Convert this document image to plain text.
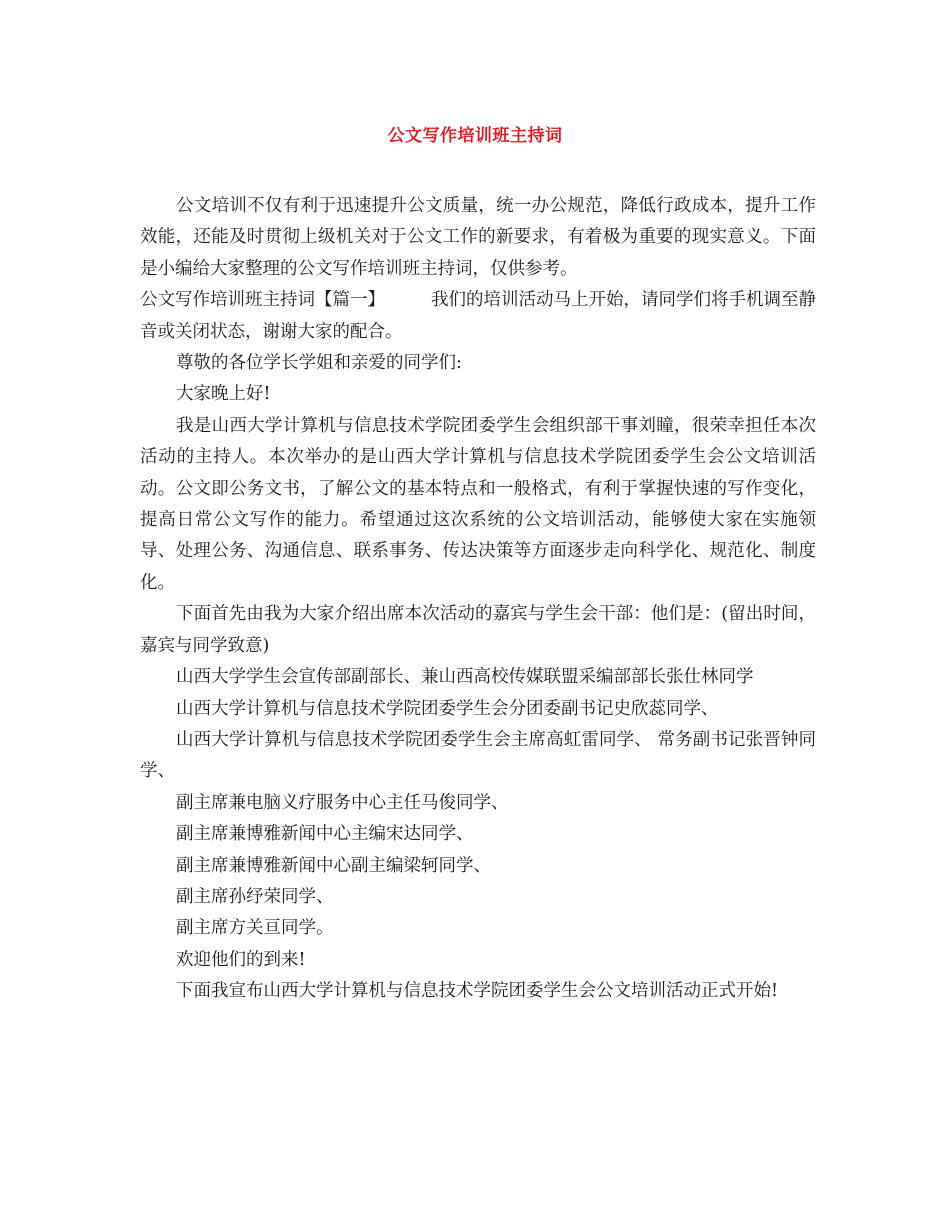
公文写作培训班主持词

公文培训不仅有利于迅速提升公文质量，统一办公规范，降低行政成本，提升工作效能，还能及时贯彻上级机关对于公文工作的新要求，有着极为重要的现实意义。下面是小编给大家整理的公文写作培训班主持词，仅供参考。

公文写作培训班主持词【篇一】	我们的培训活动马上开始，请同学们将手机调至静音或关闭状态，谢谢大家的配合。

尊敬的各位学长学姐和亲爱的同学们:

大家晚上好!

我是山西大学计算机与信息技术学院团委学生会组织部干事刘瞳，很荣幸担任本次活动的主持人。本次举办的是山西大学计算机与信息技术学院团委学生会公文培训活动。公文即公务文书，了解公文的基本特点和一般格式，有利于掌握快速的写作变化，提高日常公文写作的能力。希望通过这次系统的公文培训活动，能够使大家在实施领导、处理公务、沟通信息、联系事务、传达决策等方面逐步走向科学化、规范化、制度化。

下面首先由我为大家介绍出席本次活动的嘉宾与学生会干部：他们是：(留出时间，嘉宾与同学致意)

山西大学学生会宣传部副部长、兼山西高校传媒联盟采编部部长张仕林同学

山西大学计算机与信息技术学院团委学生会分团委副书记史欣蕊同学、

山西大学计算机与信息技术学院团委学生会主席高虹雷同学、 常务副书记张晋钟同学、

副主席兼电脑义疗服务中心主任马俊同学、

副主席兼博雅新闻中心主编宋达同学、

副主席兼博雅新闻中心副主编梁轲同学、

副主席孙纾荣同学、

副主席方关亘同学。

欢迎他们的到来!

下面我宣布山西大学计算机与信息技术学院团委学生会公文培训活动正式开始!
